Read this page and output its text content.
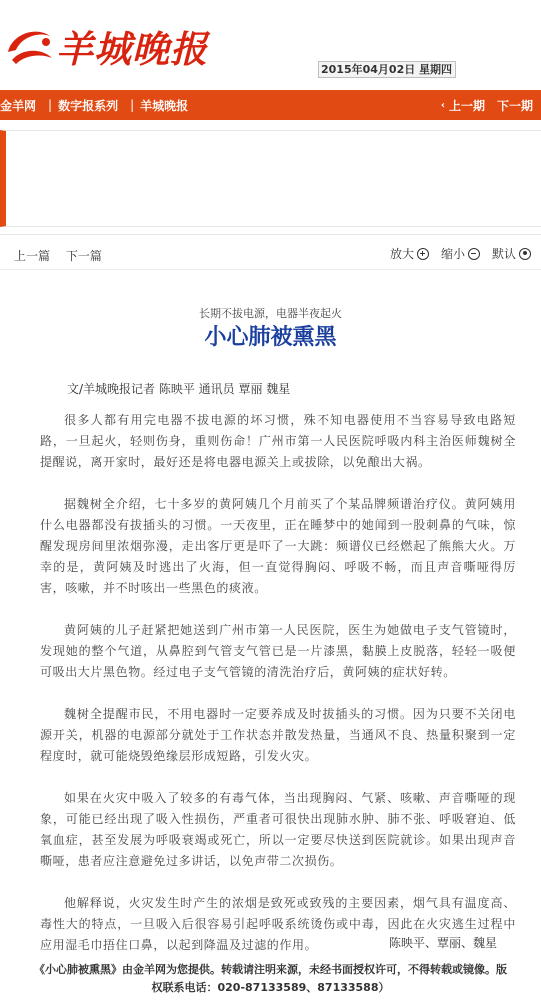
羊城晚报	2015年04月02日 星期四
金羊网	| 数字报系列	| 羊城晚报	‹ 上一期 下一期
上一篇 下一篇	放大 缩小 默认
长期不拔电源，电器半夜起火
小心肺被熏黑
文/羊城晚报记者 陈映平 通讯员 覃丽 魏星

很多人都有用完电器不拔电源的坏习惯，殊不知电器使用不当容易导致电路短路，一旦起火，轻则伤身，重则伤命！广州市第一人民医院呼吸内科主治医师魏树全提醒说，离开家时，最好还是将电器电源关上或拔除，以免酿出大祸。

据魏树全介绍，七十多岁的黄阿姨几个月前买了个某品牌频谱治疗仪。黄阿姨用什么电器都没有拔插头的习惯。一天夜里，正在睡梦中的她闻到一股刺鼻的气味，惊醒发现房间里浓烟弥漫，走出客厅更是吓了一大跳：频谱仪已经燃起了熊熊大火。万幸的是，黄阿姨及时逃出了火海，但一直觉得胸闷、呼吸不畅，而且声音嘶哑得厉害，咳嗽，并不时咳出一些黑色的痰液。

黄阿姨的儿子赶紧把她送到广州市第一人民医院，医生为她做电子支气管镜时，发现她的整个气道，从鼻腔到气管支气管已是一片漆黑，黏膜上皮脱落，轻轻一吸便可吸出大片黑色物。经过电子支气管镜的清洗治疗后，黄阿姨的症状好转。

魏树全提醒市民，不用电器时一定要养成及时拔插头的习惯。因为只要不关闭电源开关，机器的电源部分就处于工作状态并散发热量，当通风不良、热量积聚到一定程度时，就可能烧毁绝缘层形成短路，引发火灾。

如果在火灾中吸入了较多的有毒气体，当出现胸闷、气紧、咳嗽、声音嘶哑的现象，可能已经出现了吸入性损伤，严重者可很快出现肺水肿、肺不张、呼吸窘迫、低氧血症，甚至发展为呼吸衰竭或死亡，所以一定要尽快送到医院就诊。如果出现声音嘶哑，患者应注意避免过多讲话，以免声带二次损伤。

他解释说，火灾发生时产生的浓烟是致死或致残的主要因素，烟气具有温度高、毒性大的特点，一旦吸入后很容易引起呼吸系统烫伤或中毒，因此在火灾逃生过程中应用湿毛巾捂住口鼻，以起到降温及过滤的作用。	陈映平、覃丽、魏星
《小心肺被熏黑》由金羊网为您提供。转载请注明来源，未经书面授权许可，不得转载或镜像。版
权联系电话：020-87133589、87133588）
